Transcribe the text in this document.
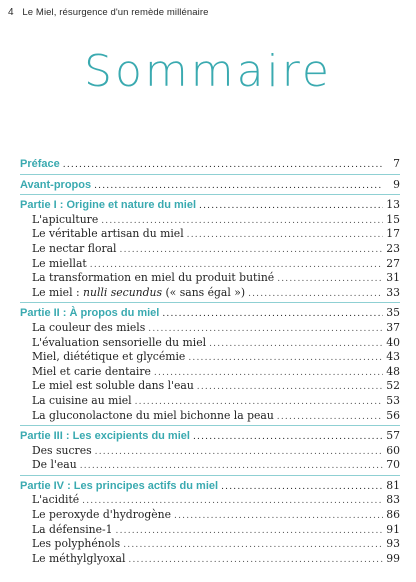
4 Le Miel, résurgence d'un remède millénaire
Sommaire
Préface .....	7
Avant-propos .....	9
Partie I : Origine et nature du miel .....	13
L'apiculture .....	15
Le véritable artisan du miel .....	17
Le nectar floral .....	23
Le miellat .....	27
La transformation en miel du produit butiné .....	31
Le miel : nulli secundus (« sans égal ») .....	33
Partie II : À propos du miel .....	35
La couleur des miels .....	37
L'évaluation sensorielle du miel .....	40
Miel, diététique et glycémie .....	43
Miel et carie dentaire .....	48
Le miel est soluble dans l'eau .....	52
La cuisine au miel .....	53
La gluconolactone du miel bichonne la peau .....	56
Partie III : Les excipients du miel .....	57
Des sucres .....	60
De l'eau .....	70
Partie IV : Les principes actifs du miel .....	81
L'acidité .....	83
Le peroxyde d'hydrogène .....	86
La défensine-1 .....	91
Les polyphénols .....	93
Le méthylglyoxal .....	99
